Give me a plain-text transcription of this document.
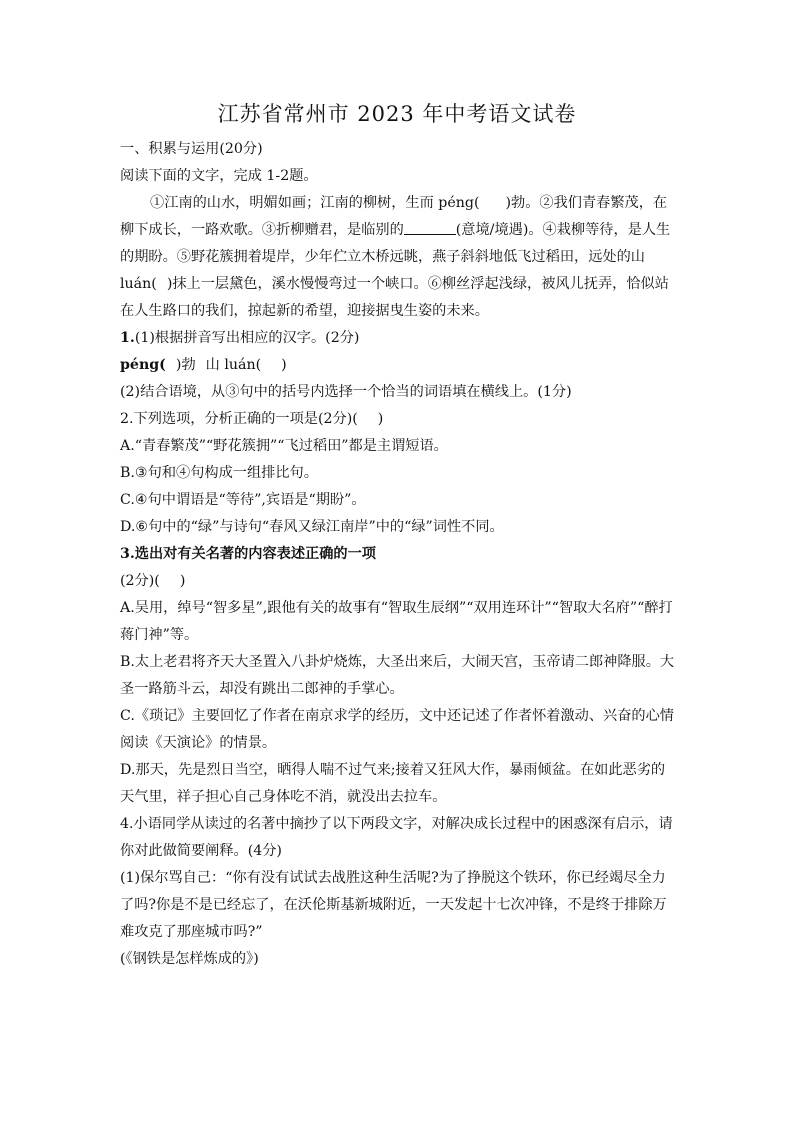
江苏省常州市 2023 年中考语文试卷

一、积累与运用(20分)

阅读下面的文字，完成 1-2题。

①江南的山水，明媚如画；江南的柳树，生而 péng( )勃。②我们青春繁茂，在柳下成长，一路欢歌。③折柳赠君，是临别的	(意境/境遇)。④栽柳等待，是人生的期盼。⑤野花簇拥着堤岸，少年伫立木桥远眺，燕子斜斜地低飞过稻田，远处的山 luán( )抹上一层黛色，溪水慢慢弯过一个峡口。⑥柳丝浮起浅绿，被风儿抚弄，恰似站在人生路口的我们，掠起新的希望，迎接据曳生姿的未来。

1.(1)根据拼音写出相应的汉字。(2分)

péng( )勃 山 luán( )

(2)结合语境，从③句中的括号内选择一个恰当的词语填在横线上。(1分)

2.下列选项，分析正确的一项是(2分)( )

A.“青春繁茂”“野花簇拥”“飞过稻田”都是主谓短语。

B.③句和④句构成一组排比句。

C.④句中谓语是“等待”,宾语是“期盼”。

D.⑥句中的“绿”与诗句“春风又绿江南岸”中的“绿”词性不同。

3.选出对有关名著的内容表述正确的一项

(2分)( )

A.吴用，绰号“智多星”,跟他有关的故事有“智取生辰纲”“双用连环计”“智取大名府”“醉打蒋门神”等。

B.太上老君将齐天大圣置入八卦炉烧炼，大圣出来后，大闹天宫，玉帝请二郎神降服。大圣一路筋斗云，却没有跳出二郎神的手掌心。

C.《琐记》主要回忆了作者在南京求学的经历，文中还记述了作者怀着激动、兴奋的心情阅读《天演论》的情景。

D.那天，先是烈日当空，晒得人喘不过气来;接着又狂风大作，暴雨倾盆。在如此恶劣的天气里，祥子担心自己身体吃不消，就没出去拉车。

4.小语同学从读过的名著中摘抄了以下两段文字，对解决成长过程中的困惑深有启示，请你对此做简要阐释。(4分)

(1)保尔骂自己：“你有没有试试去战胜这种生活呢?为了挣脱这个铁环，你已经竭尽全力了吗?你是不是已经忘了，在沃伦斯基新城附近，一天发起十七次冲锋，不是终于排除万难攻克了那座城市吗?”

(《钢铁是怎样炼成的》)
